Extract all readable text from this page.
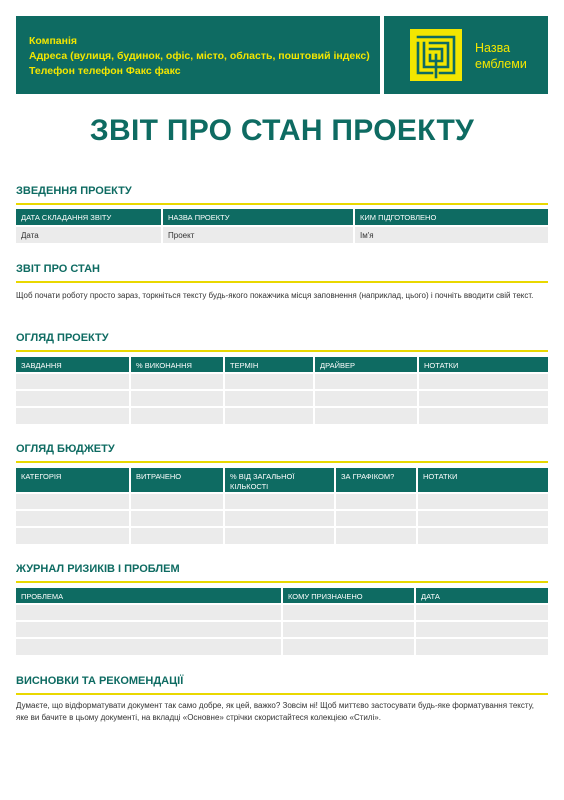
Компанія
Адреса (вулиця, будинок, офіс, місто, область, поштовий індекс)
Телефон телефон Факс факс
Назва
емблеми
ЗВІТ ПРО СТАН ПРОЕКТУ
ЗВЕДЕННЯ ПРОЕКТУ
ДАТА СКЛАДАННЯ ЗВІТУ	НАЗВА ПРОЕКТУ	КИМ ПІДГОТОВЛЕНО
Дата	Проект	Ім'я
ЗВІТ ПРО СТАН
Щоб почати роботу просто зараз, торкніться тексту будь-якого покажчика місця заповнення (наприклад, цього) і почніть вводити свій текст.
ОГЛЯД ПРОЕКТУ
ЗАВДАННЯ	% ВИКОНАННЯ	ТЕРМІН	ДРАЙВЕР	НОТАТКИ

ОГЛЯД БЮДЖЕТУ
КАТЕГОРІЯ	ВИТРАЧЕНО	% ВІД ЗАГАЛЬНОЇ КІЛЬКОСТІ	ЗА ГРАФІКОМ?	НОТАТКИ

ЖУРНАЛ РИЗИКІВ І ПРОБЛЕМ
ПРОБЛЕМА	КОМУ ПРИЗНАЧЕНО	ДАТА

ВИСНОВКИ ТА РЕКОМЕНДАЦІЇ
Думаєте, що відформатувати документ так само добре, як цей, важко? Зовсім ні! Щоб миттєво застосувати будь-яке форматування тексту, яке ви бачите в цьому документі, на вкладці «Основне» стрічки скористайтеся колекцією «Стилі».
